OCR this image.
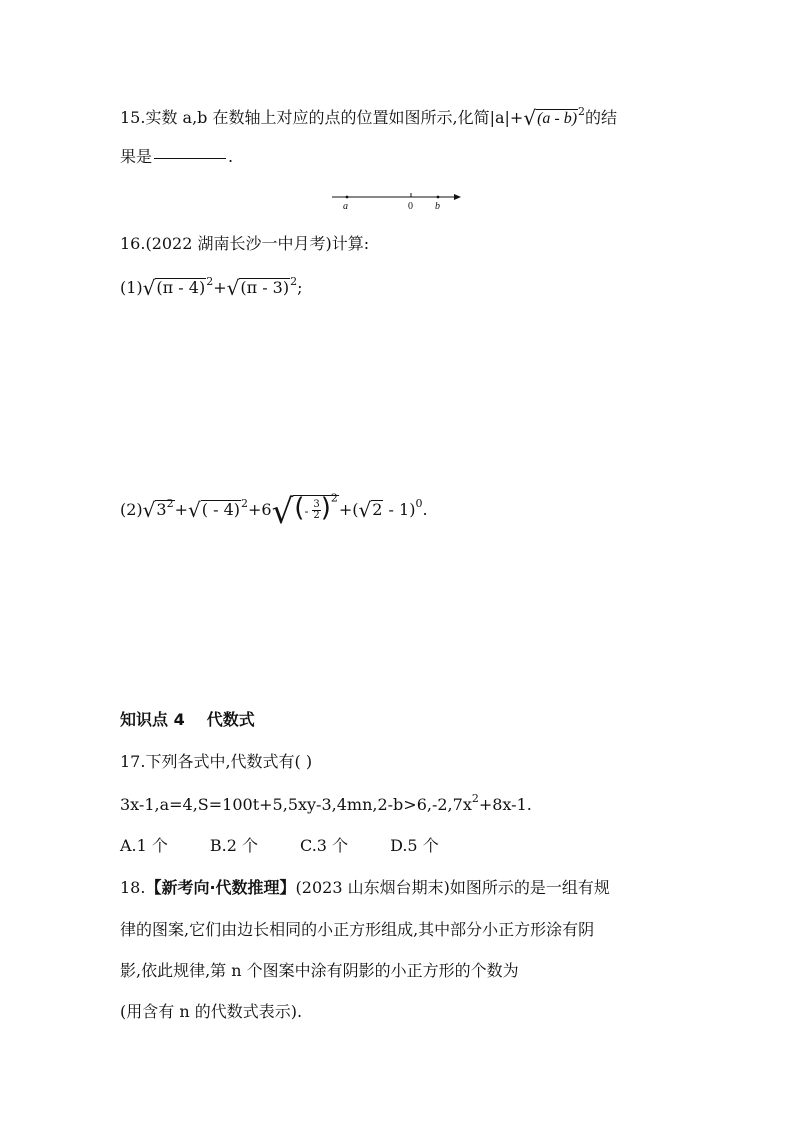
15.实数 a,b 在数轴上对应的点的位置如图所示,化简|a|+√(a - b)$^2$的结
果是	.
a	0 b
16.(2022 湖南长沙一中月考)计算:
(1)√(π - 4)$^2$+√(π - 3)$^2$;
$(2)√3^2+√( - 4)^2+6√(- \frac{3}{2} )^2+(√2 - 1)^0$.
知识点 4 代数式
17.下列各式中,代数式有( )
$3x-1,a=4,S=100t+5,5xy-3,4mn,2-b>6,-2,7x^2+8x-1$.
A.1 个	B.2 个	C.3 个	D.5 个
18.【新考向·代数推理】(2023 山东烟台期末)如图所示的是一组有规
律的图案,它们由边长相同的小正方形组成,其中部分小正方形涂有阴
影,依此规律,第 n 个图案中涂有阴影的小正方形的个数为
(用含有 n 的代数式表示).
